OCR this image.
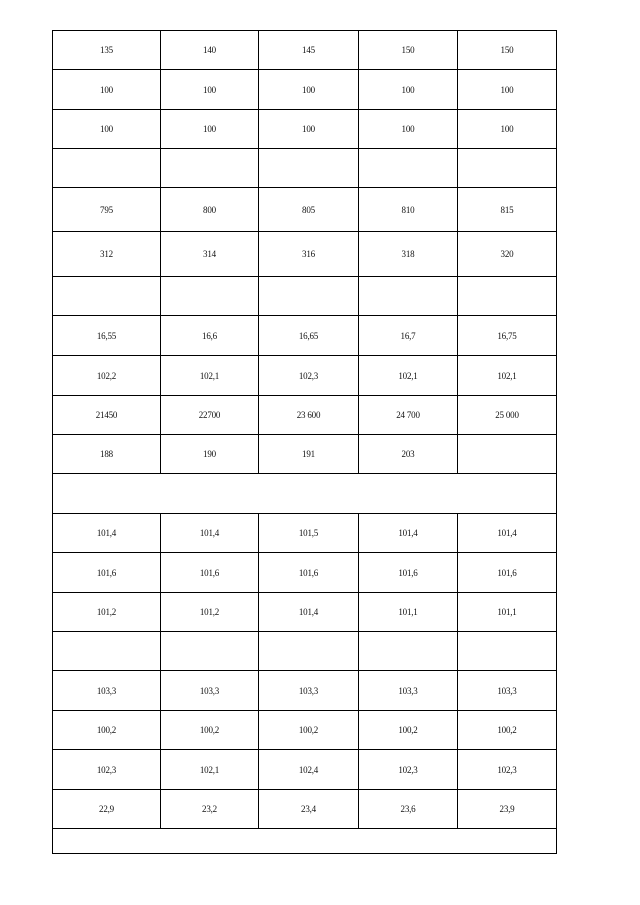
135	140	145	150	150
100	100	100	100	100
100	100	100	100	100

795	800	805	810	815
312	314	316	318	320

16,55	16,6	16,65	16,7	16,75
102,2	102,1	102,3	102,1	102,1
21450	22700	23 600	24 700	25 000
188	190	191	203	

101,4	101,4	101,5	101,4	101,4
101,6	101,6	101,6	101,6	101,6
101,2	101,2	101,4	101,1	101,1

103,3	103,3	103,3	103,3	103,3
100,2	100,2	100,2	100,2	100,2
102,3	102,1	102,4	102,3	102,3
22,9	23,2	23,4	23,6	23,9
